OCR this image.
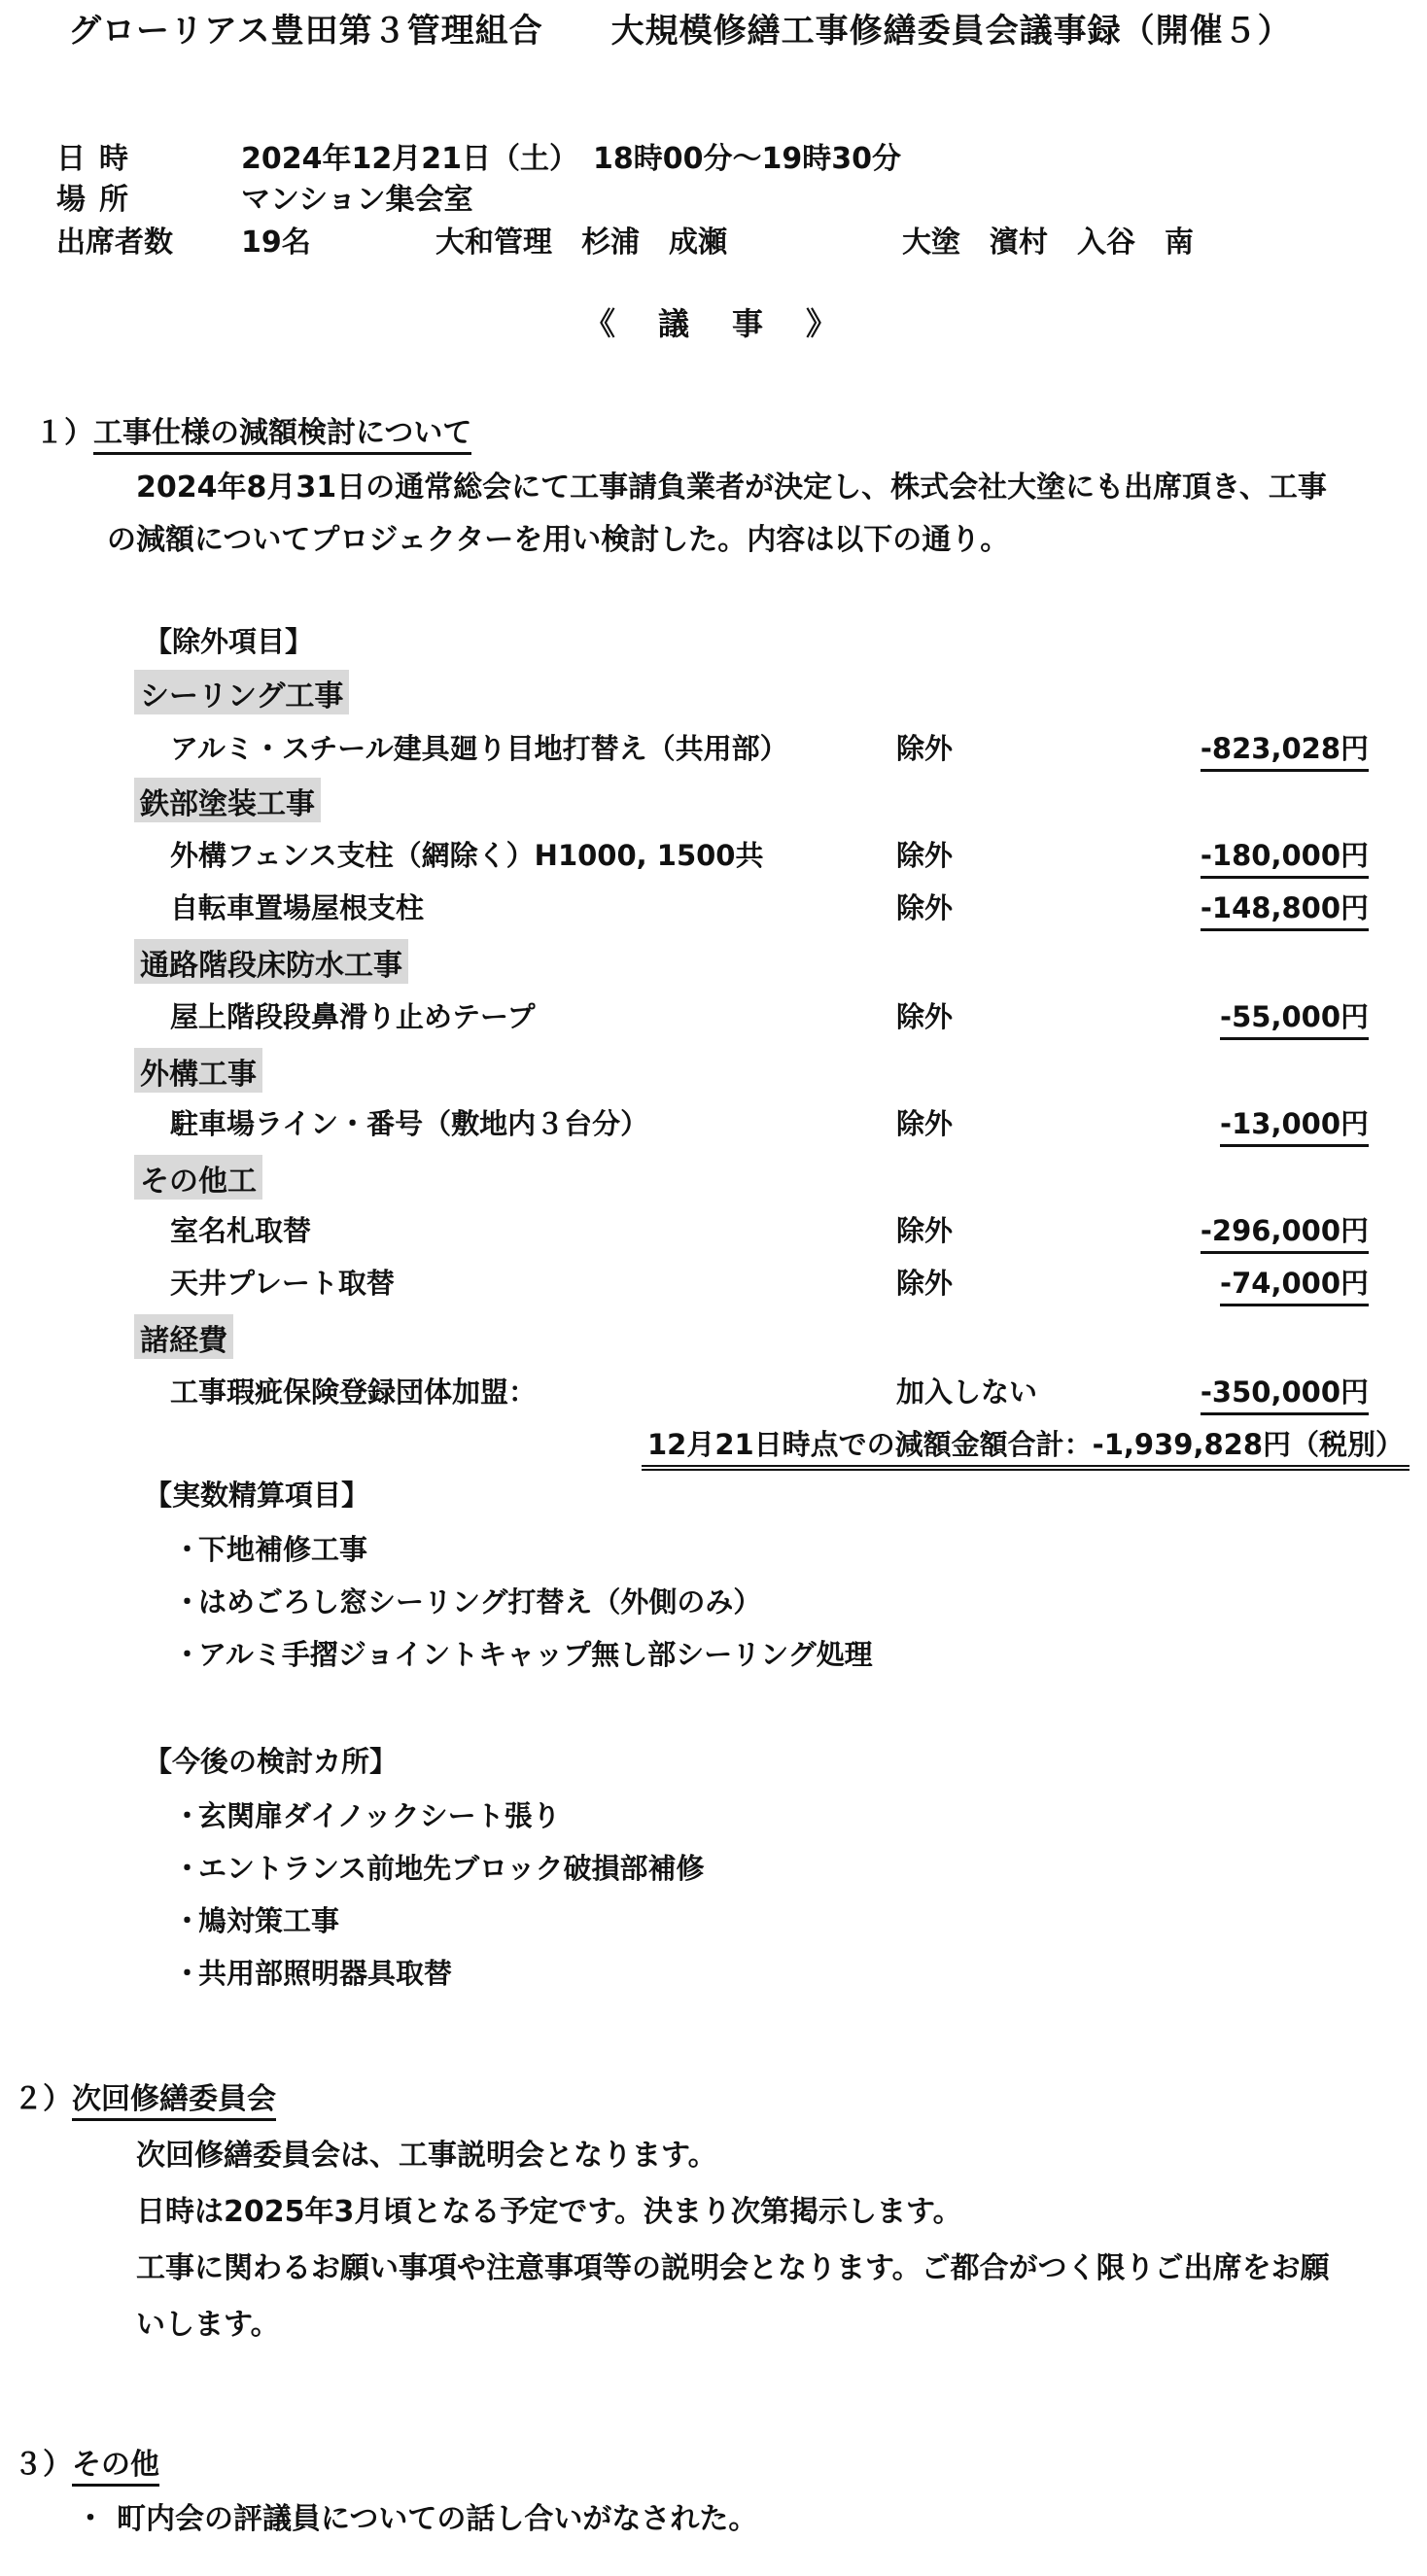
グローリアス豊田第３管理組合　　大規模修繕工事修繕委員会議事録（開催５）
日時	2024年12月21日（土）　18時00分～19時30分
場所	マンション集会室
出席者数 19名	大和管理　杉浦　成瀬	大塗　濱村　入谷　南
《　議　事　》
１）工事仕様の減額検討について
2024年8月31日の通常総会にて工事請負業者が決定し、株式会社大塗にも出席頂き、工事
の減額についてプロジェクターを用い検討した。内容は以下の通り。
【除外項目】
シーリング工事
アルミ・スチール建具廻り目地打替え（共用部）	除外	-823,028円
鉄部塗装工事
外構フェンス支柱（網除く）H1000, 1500共	除外	-180,000円
自転車置場屋根支柱	除外	-148,800円
通路階段床防水工事
屋上階段段鼻滑り止めテープ	除外	-55,000円
外構工事
駐車場ライン・番号（敷地内３台分）	除外	-13,000円
その他工
室名札取替	除外	-296,000円
天井プレート取替	除外	-74,000円
諸経費
工事瑕疵保険登録団体加盟：	加入しない	-350,000円
12月21日時点での減額金額合計：-1,939,828円（税別）
【実数精算項目】
・下地補修工事
・はめごろし窓シーリング打替え（外側のみ）
・アルミ手摺ジョイントキャップ無し部シーリング処理
【今後の検討カ所】
・玄関扉ダイノックシート張り
・エントランス前地先ブロック破損部補修
・鳩対策工事
・共用部照明器具取替
２）次回修繕委員会
次回修繕委員会は、工事説明会となります。
日時は2025年3月頃となる予定です。決まり次第掲示します。
工事に関わるお願い事項や注意事項等の説明会となります。ご都合がつく限りご出席をお願
いします。
３）その他
・ 町内会の評議員についての話し合いがなされた。
